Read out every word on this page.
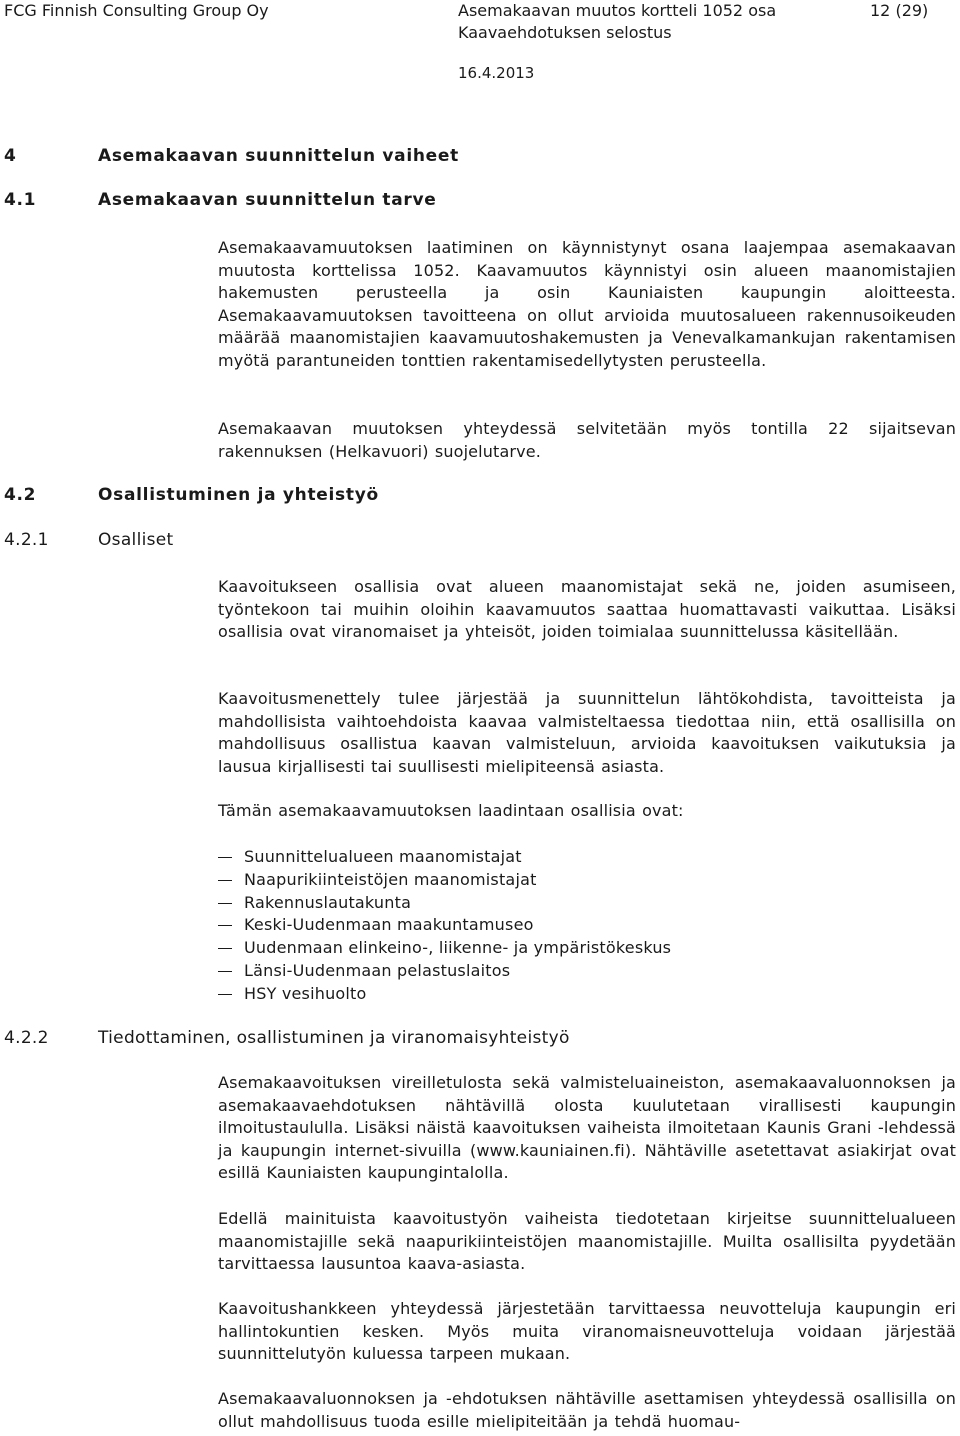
FCG Finnish Consulting Group Oy	Asemakaavan muutos kortteli 1052 osa
Kaavaehdotuksen selostus
12 (29)
16.4.2013
4	Asemakaavan suunnittelun vaiheet
4.1	Asemakaavan suunnittelun tarve
Asemakaavamuutoksen laatiminen on käynnistynyt osana laajempaa asemakaavan muutosta korttelissa 1052. Kaavamuutos käynnistyi osin alueen maanomistajien hakemusten perusteella ja osin Kauniaisten kaupungin aloitteesta. Asemakaavamuutoksen tavoitteena on ollut arvioida muutosalueen rakennusoikeuden määrää maanomistajien kaavamuutoshakemusten ja Venevalkamankujan rakentamisen myötä parantuneiden tonttien rakentamisedellytysten perusteella.
Asemakaavan muutoksen yhteydessä selvitetään myös tontilla 22 sijaitsevan rakennuksen (Helkavuori) suojelutarve.
4.2	Osallistuminen ja yhteistyö
4.2.1	Osalliset
Kaavoitukseen osallisia ovat alueen maanomistajat sekä ne, joiden asumiseen, työntekoon tai muihin oloihin kaavamuutos saattaa huomattavasti vaikuttaa. Lisäksi osallisia ovat viranomaiset ja yhteisöt, joiden toimialaa suunnittelussa käsitellään.
Kaavoitusmenettely tulee järjestää ja suunnittelun lähtökohdista, tavoitteista ja mahdollisista vaihtoehdoista kaavaa valmisteltaessa tiedottaa niin, että osallisilla on mahdollisuus osallistua kaavan valmisteluun, arvioida kaavoituksen vaikutuksia ja lausua kirjallisesti tai suullisesti mielipiteensä asiasta.
Tämän asemakaavamuutoksen laadintaan osallisia ovat:
Suunnittelualueen maanomistajat
Naapurikiinteistöjen maanomistajat
Rakennuslautakunta
Keski-Uudenmaan maakuntamuseo
Uudenmaan elinkeino-, liikenne- ja ympäristökeskus
Länsi-Uudenmaan pelastuslaitos
HSY vesihuolto
4.2.2	Tiedottaminen, osallistuminen ja viranomaisyhteistyö
Asemakaavoituksen vireilletulosta sekä valmisteluaineiston, asemakaavaluonnoksen ja asemakaavaehdotuksen nähtävillä olosta kuulutetaan virallisesti kaupungin ilmoitustaululla. Lisäksi näistä kaavoituksen vaiheista ilmoitetaan Kaunis Grani -lehdessä ja kaupungin internet-sivuilla (www.kauniainen.fi). Nähtäville asetettavat asiakirjat ovat esillä Kauniaisten kaupungintalolla.
Edellä mainituista kaavoitustyön vaiheista tiedotetaan kirjeitse suunnittelualueen maanomistajille sekä naapurikiinteistöjen maanomistajille. Muilta osallisilta pyydetään tarvittaessa lausuntoa kaava-asiasta.
Kaavoitushankkeen yhteydessä järjestetään tarvittaessa neuvotteluja kaupungin eri hallintokuntien kesken. Myös muita viranomaisneuvotteluja voidaan järjestää suunnittelutyön kuluessa tarpeen mukaan.
Asemakaavaluonnoksen ja -ehdotuksen nähtäville asettamisen yhteydessä osallisilla on ollut mahdollisuus tuoda esille mielipiteitään ja tehdä huomau-
